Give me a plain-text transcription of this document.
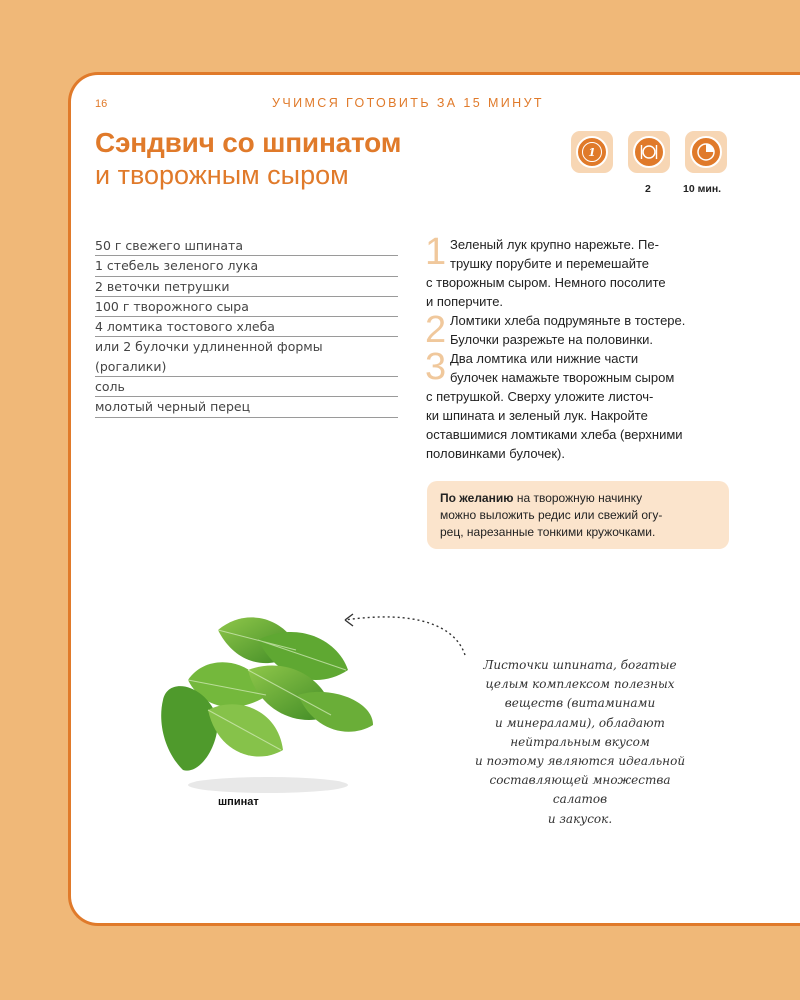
16	УЧИМСЯ ГОТОВИТЬ ЗА 15 МИНУТ
Сэндвич со шпинатом
и творожным сыром
1
2	10 мин.
50 г свежего шпината
1 стебель зеленого лука
2 веточки петрушки
100 г творожного сыра
4 ломтика тостового хлеба
или 2 булочки удлиненной формы
(рогалики)
соль
молотый черный перец
1 Зеленый лук крупно нарежьте. Пе-
трушку порубите и перемешайте
с творожным сыром. Немного посолите
и поперчите.
2 Ломтики хлеба подрумяньте в тостере.
Булочки разрежьте на половинки.
3 Два ломтика или нижние части
булочек намажьте творожным сыром
с петрушкой. Сверху уложите листоч-
ки шпината и зеленый лук. Накройте
оставшимися ломтиками хлеба (верхними
половинками булочек).
По желанию на творожную начинку
можно выложить редис или свежий огу-
рец, нарезанные тонкими кружочками.
шпинат
Листочки шпината, богатые
целым комплексом полезных
веществ (витаминами
и минералами), обладают
нейтральным вкусом
и поэтому являются идеальной
составляющей множества салатов
и закусок.
